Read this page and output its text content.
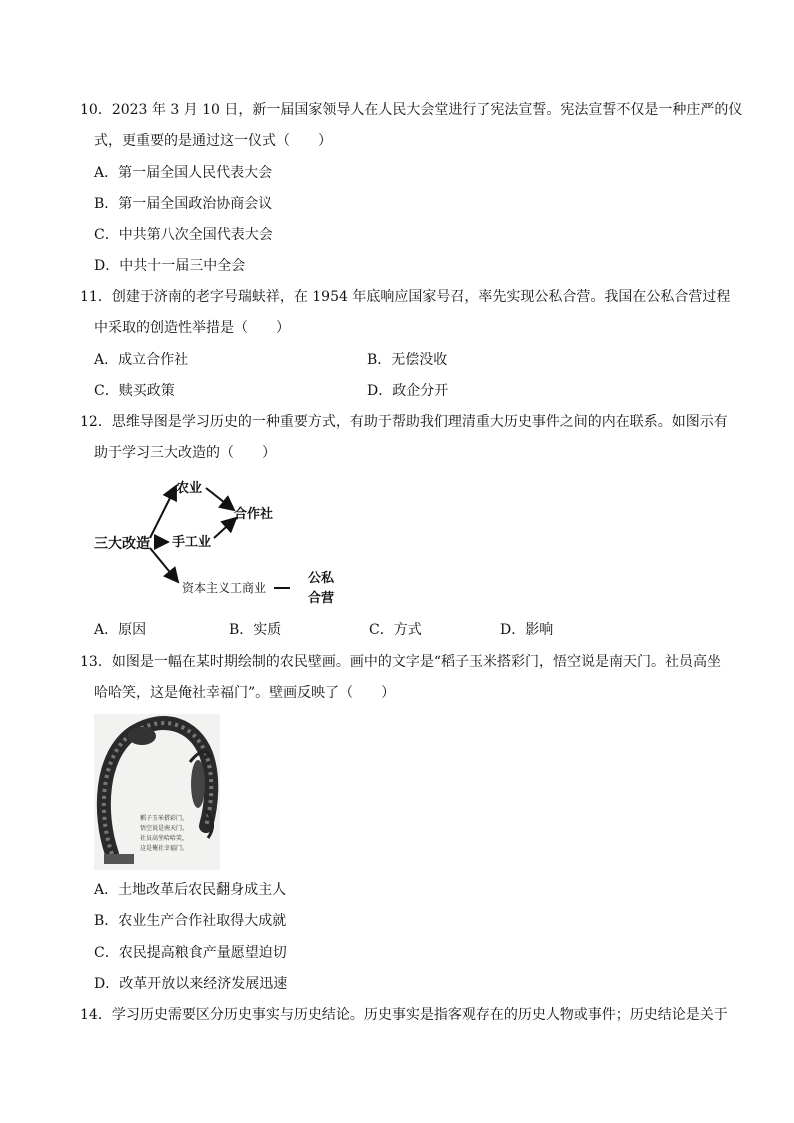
10．2023 年 3 月 10 日，新一届国家领导人在人民大会堂进行了宪法宣誓。宪法宣誓不仅是一种庄严的仪
式，更重要的是通过这一仪式（　　）
A．第一届全国人民代表大会
B．第一届全国政治协商会议
C．中共第八次全国代表大会
D．中共十一届三中全会
11．创建于济南的老字号瑞蚨祥，在 1954 年底响应国家号召，率先实现公私合营。我国在公私合营过程
中采取的创造性举措是（　　）
A．成立合作社	B．无偿没收
C．赎买政策	D．政企分开
12．思维导图是学习历史的一种重要方式，有助于帮助我们理清重大历史事件之间的内在联系。如图示有
助于学习三大改造的（　　）
三大改造
农业
手工业
资本主义工商业
合作社
公私
合营
A．原因	B．实质	C．方式	D．影响
13．如图是一幅在某时期绘制的农民壁画。画中的文字是“稻子玉米搭彩门，悟空说是南天门。社员高坐
哈哈笑，这是俺社幸福门”。壁画反映了（　　）
稻子玉米搭彩门，
悟空说是南天门。
社员高坐哈哈笑，
这是俺社幸福门。
A．土地改革后农民翻身成主人
B．农业生产合作社取得大成就
C．农民提高粮食产量愿望迫切
D．改革开放以来经济发展迅速
14．学习历史需要区分历史事实与历史结论。历史事实是指客观存在的历史人物或事件；历史结论是关于
